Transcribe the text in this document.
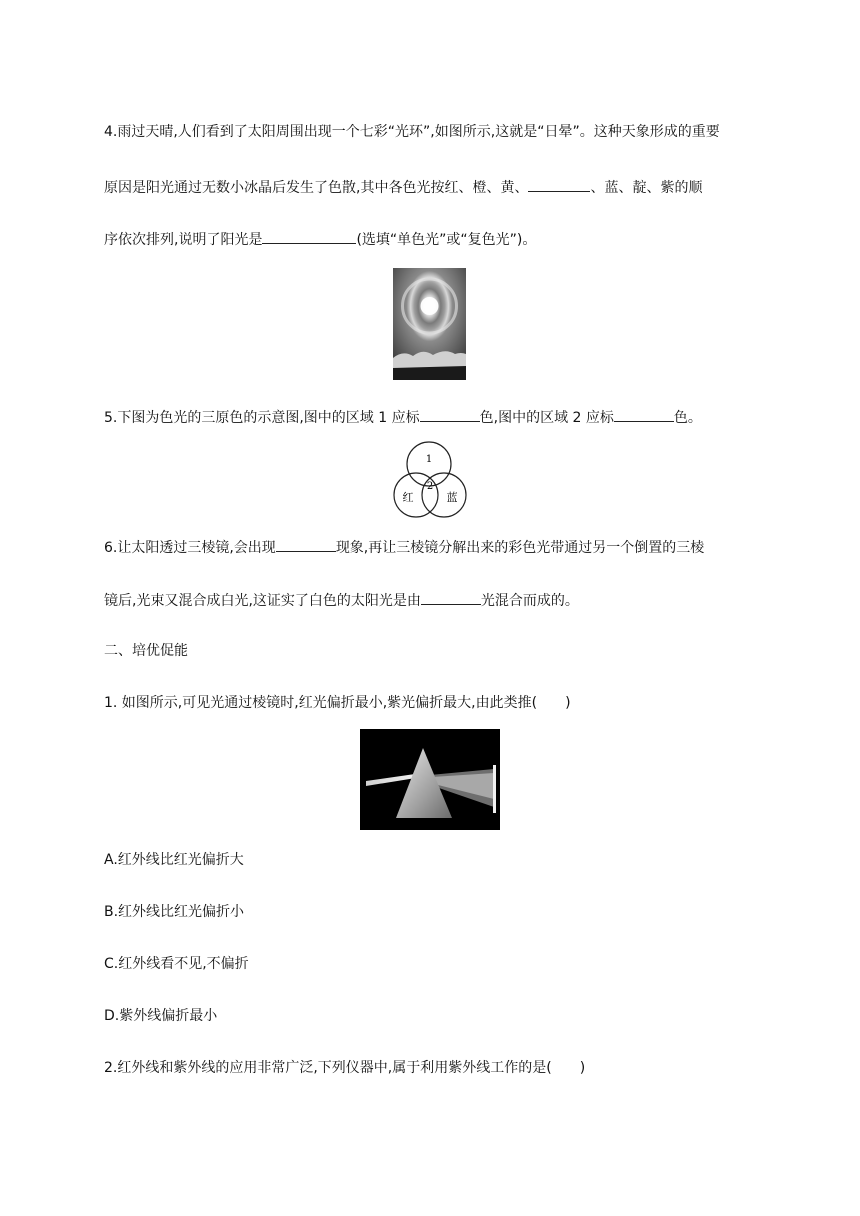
4.雨过天晴,人们看到了太阳周围出现一个七彩“光环”,如图所示,这就是“日晕”。这种天象形成的重要
原因是阳光通过无数小冰晶后发生了色散,其中各色光按红、橙、黄、	、蓝、靛、紫的顺
序依次排列,说明了阳光是	(选填“单色光”或“复色光”)。
5.下图为色光的三原色的示意图,图中的区域 1 应标	色,图中的区域 2 应标	色。
1
2
红	蓝
6.让太阳透过三棱镜,会出现	现象,再让三棱镜分解出来的彩色光带通过另一个倒置的三棱
镜后,光束又混合成白光,这证实了白色的太阳光是由	光混合而成的。
二、培优促能
1. 如图所示,可见光通过棱镜时,红光偏折最小,紫光偏折最大,由此类推(　　)
A.红外线比红光偏折大
B.红外线比红光偏折小
C.红外线看不见,不偏折
D.紫外线偏折最小
2.红外线和紫外线的应用非常广泛,下列仪器中,属于利用紫外线工作的是(　　)
